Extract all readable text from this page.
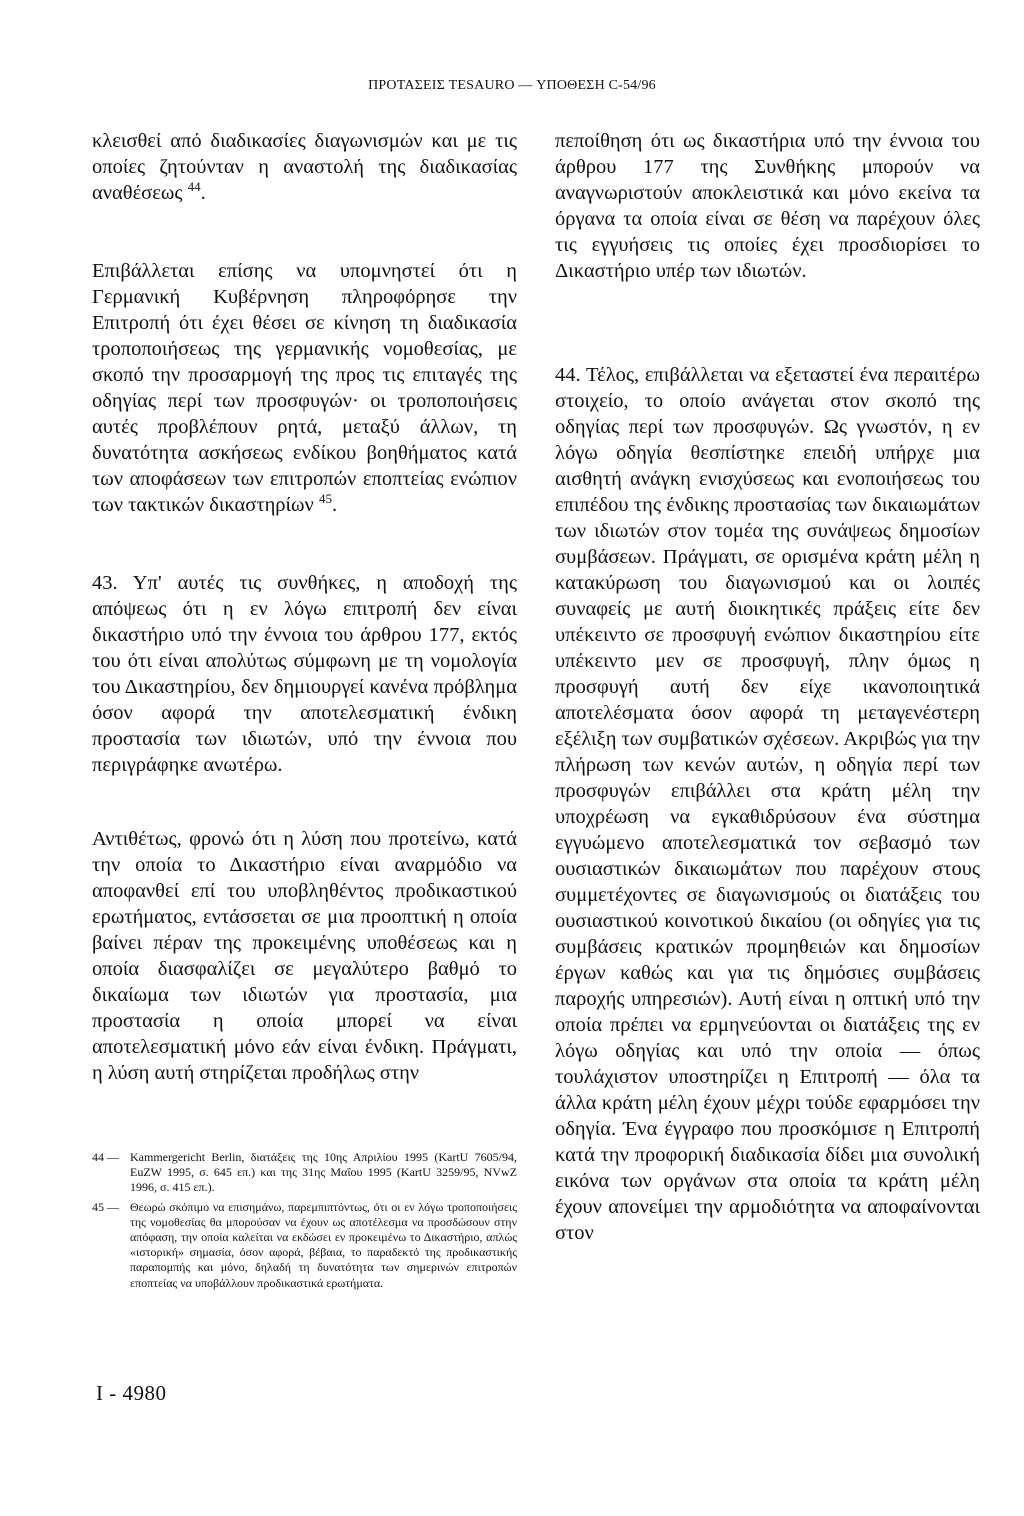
ΠΡΟΤΑΣΕΙΣ TESAURO — ΥΠΟΘΕΣΗ C-54/96

κλεισθεί από διαδικασίες διαγωνισμών και με τις οποίες ζητούνταν η αναστολή της διαδικασίας αναθέσεως $^{44}$.

Επιβάλλεται επίσης να υπομνηστεί ότι η Γερμανική Κυβέρνηση πληροφόρησε την Επιτροπή ότι έχει θέσει σε κίνηση τη διαδικασία τροποποιήσεως της γερμανικής νομοθεσίας, με σκοπό την προσαρμογή της προς τις επιταγές της οδηγίας περί των προσφυγών· οι τροποποιήσεις αυτές προβλέπουν ρητά, μεταξύ άλλων, τη δυνατότητα ασκήσεως ενδίκου βοηθήματος κατά των αποφάσεων των επιτροπών εποπτείας ενώπιον των τακτικών δικαστηρίων $^{45}$.

43. Υπ' αυτές τις συνθήκες, η αποδοχή της απόψεως ότι η εν λόγω επιτροπή δεν είναι δικαστήριο υπό την έννοια του άρθρου 177, εκτός του ότι είναι απολύτως σύμφωνη με τη νομολογία του Δικαστηρίου, δεν δημιουργεί κανένα πρόβλημα όσον αφορά την αποτελεσματική ένδικη προστασία των ιδιωτών, υπό την έννοια που περιγράφηκε ανωτέρω.

Αντιθέτως, φρονώ ότι η λύση που προτείνω, κατά την οποία το Δικαστήριο είναι αναρμόδιο να αποφανθεί επί του υποβληθέντος προδικαστικού ερωτήματος, εντάσσεται σε μια προοπτική η οποία βαίνει πέραν της προκειμένης υποθέσεως και η οποία διασφαλίζει σε μεγαλύτερο βαθμό το δικαίωμα των ιδιωτών για προστασία, μια προστασία η οποία μπορεί να είναι αποτελεσματική μόνο εάν είναι ένδικη. Πράγματι, η λύση αυτή στηρίζεται προδήλως στην

πεποίθηση ότι ως δικαστήρια υπό την έννοια του άρθρου 177 της Συνθήκης μπορούν να αναγνωριστούν αποκλειστικά και μόνο εκείνα τα όργανα τα οποία είναι σε θέση να παρέχουν όλες τις εγγυήσεις τις οποίες έχει προσδιορίσει το Δικαστήριο υπέρ των ιδιωτών.

44. Τέλος, επιβάλλεται να εξεταστεί ένα περαιτέρω στοιχείο, το οποίο ανάγεται στον σκοπό της οδηγίας περί των προσφυγών. Ως γνωστόν, η εν λόγω οδηγία θεσπίστηκε επειδή υπήρχε μια αισθητή ανάγκη ενισχύσεως και ενοποιήσεως του επιπέδου της ένδικης προστασίας των δικαιωμάτων των ιδιωτών στον τομέα της συνάψεως δημοσίων συμβάσεων. Πράγματι, σε ορισμένα κράτη μέλη η κατακύρωση του διαγωνισμού και οι λοιπές συναφείς με αυτή διοικητικές πράξεις είτε δεν υπέκειντο σε προσφυγή ενώπιον δικαστηρίου είτε υπέκειντο μεν σε προσφυγή, πλην όμως η προσφυγή αυτή δεν είχε ικανοποιητικά αποτελέσματα όσον αφορά τη μεταγενέστερη εξέλιξη των συμβατικών σχέσεων. Ακριβώς για την πλήρωση των κενών αυτών, η οδηγία περί των προσφυγών επιβάλλει στα κράτη μέλη την υποχρέωση να εγκαθιδρύσουν ένα σύστημα εγγυώμενο αποτελεσματικά τον σεβασμό των ουσιαστικών δικαιωμάτων που παρέχουν στους συμμετέχοντες σε διαγωνισμούς οι διατάξεις του ουσιαστικού κοινοτικού δικαίου (οι οδηγίες για τις συμβάσεις κρατικών προμηθειών και δημοσίων έργων καθώς και για τις δημόσιες συμβάσεις παροχής υπηρεσιών). Αυτή είναι η οπτική υπό την οποία πρέπει να ερμηνεύονται οι διατάξεις της εν λόγω οδηγίας και υπό την οποία — όπως τουλάχιστον υποστηρίζει η Επιτροπή — όλα τα άλλα κράτη μέλη έχουν μέχρι τούδε εφαρμόσει την οδηγία. Ένα έγγραφο που προσκόμισε η Επιτροπή κατά την προφορική διαδικασία δίδει μια συνολική εικόνα των οργάνων στα οποία τα κράτη μέλη έχουν απονείμει την αρμοδιότητα να αποφαίνονται στον

44 — Kammergericht Berlin, διατάξεις της 10ης Απριλίου 1995 (KartU 7605/94, EuZW 1995, σ. 645 επ.) και της 31ης Μαΐου 1995 (KartU 3259/95, NVwZ 1996, σ. 415 επ.).
45 — Θεωρώ σκόπιμο να επισημάνω, παρεμπιπτόντως, ότι οι εν λόγω τροποποιήσεις της νομοθεσίας θα μπορούσαν να έχουν ως αποτέλεσμα να προσδώσουν στην απόφαση, την οποία καλείται να εκδώσει εν προκειμένω το Δικαστήριο, απλώς «ιστορική» σημασία, όσον αφορά, βέβαια, το παραδεκτό της προδικαστικής παραπομπής και μόνο, δηλαδή τη δυνατότητα των σημερινών επιτροπών εποπτείας να υποβάλλουν προδικαστικά ερωτήματα.
I - 4980
